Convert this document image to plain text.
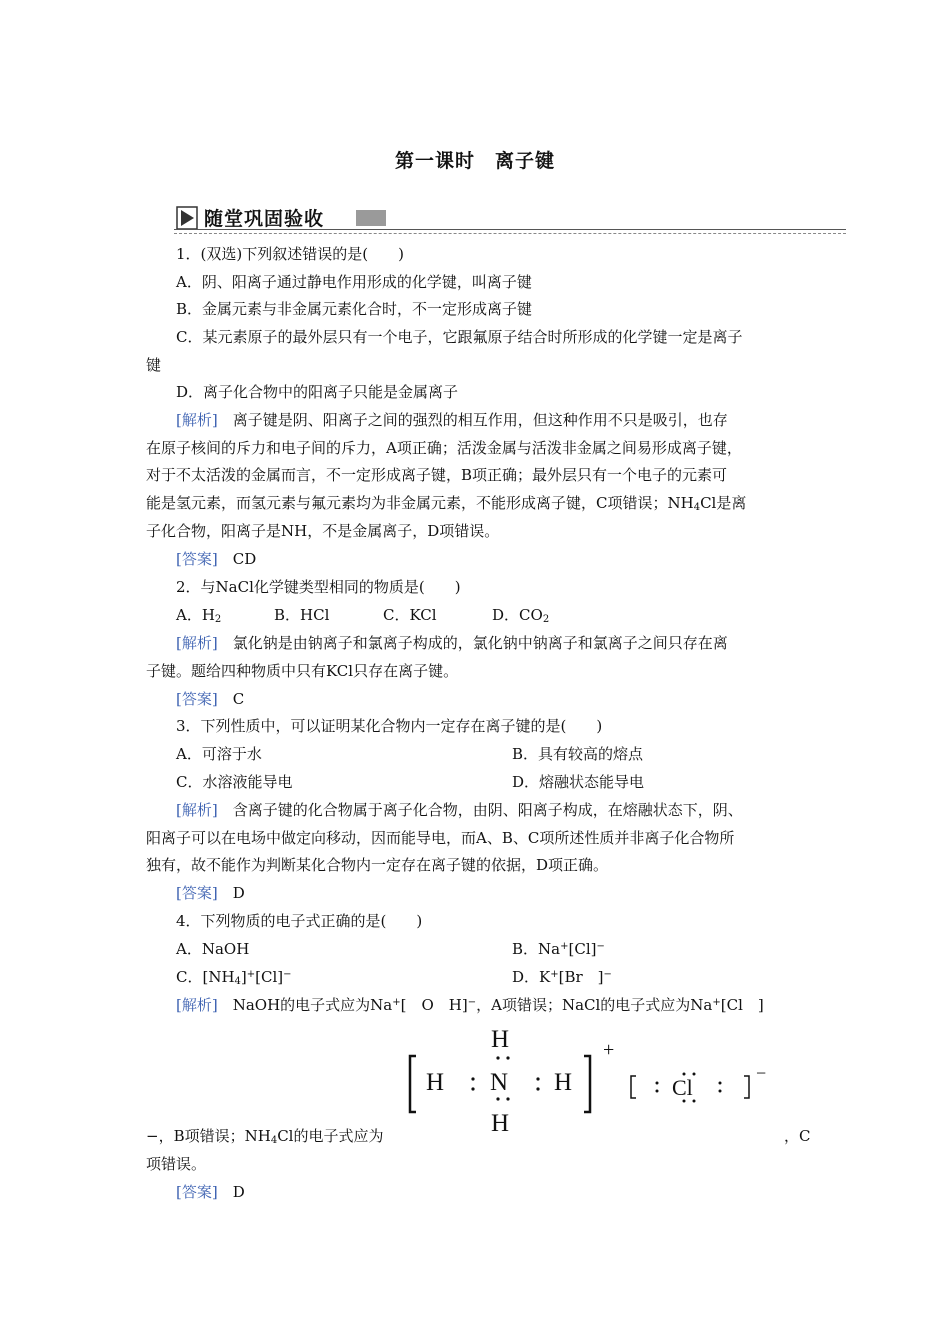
第一课时　离子键
随堂巩固验收
1．(双选)下列叙述错误的是(　　)
A．阴、阳离子通过静电作用形成的化学键，叫离子键
B．金属元素与非金属元素化合时，不一定形成离子键
C．某元素原子的最外层只有一个电子，它跟氟原子结合时所形成的化学键一定是离子
键
D．离子化合物中的阳离子只能是金属离子
[解析]　离子键是阴、阳离子之间的强烈的相互作用，但这种作用不只是吸引，也存
在原子核间的斥力和电子间的斥力，A项正确；活泼金属与活泼非金属之间易形成离子键，
对于不太活泼的金属而言，不一定形成离子键，B项正确；最外层只有一个电子的元素可
能是氢元素，而氢元素与氟元素均为非金属元素，不能形成离子键，C项错误；$NH_4Cl$是离
子化合物，阳离子是NH，不是金属离子，D项错误。
[答案]　CD
2．与NaCl化学键类型相同的物质是(　　)
A．$H_2$	B．HCl	C．KCl	D．$CO_2$
[解析]　氯化钠是由钠离子和氯离子构成的，氯化钠中钠离子和氯离子之间只存在离
子键。题给四种物质中只有KCl只存在离子键。
[答案]　C
3．下列性质中，可以证明某化合物内一定存在离子键的是(　　)
A．可溶于水	B．具有较高的熔点
C．水溶液能导电	D．熔融状态能导电
[解析]　含离子键的化合物属于离子化合物，由阴、阳离子构成，在熔融状态下，阴、
阳离子可以在电场中做定向移动，因而能导电，而A、B、C项所述性质并非离子化合物所
独有，故不能作为判断某化合物内一定存在离子键的依据，D项正确。
[答案]　D
4．下列物质的电子式正确的是(　　)
A．NaOH	B．Na+[Cl]−
C．$[NH_4]^+[Cl]^-$	D．K+[Br　]−
[解析]　NaOH的电子式应为Na+[　O　H]−，A项错误；NaCl的电子式应为Na+[Cl　]
H N H
H
H
+
Cl
−
−，B项错误；$NH_4Cl$的电子式应为	，C
项错误。
[答案]　D
